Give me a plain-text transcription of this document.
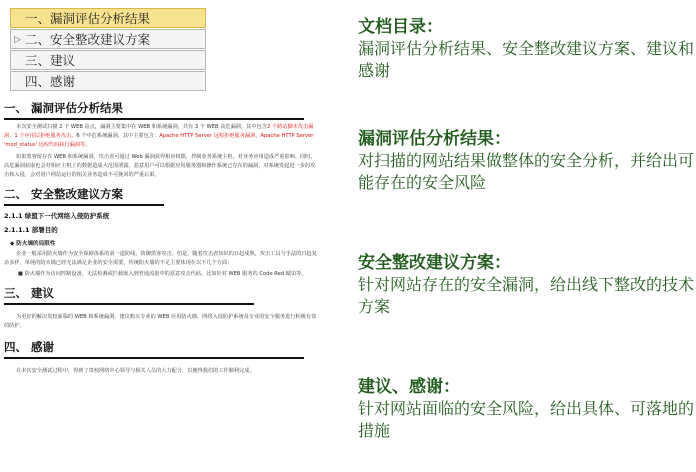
一、漏洞评估分析结果
▷ 二、安全整改建议方案
三、建议
四、感谢
一、 漏洞评估分析结果

本次安全测试扫描 2 个 WEB 站点，漏洞主要集中在 WEB 和系统漏洞，共有 3 个 WEB 高危漏洞，其中包含2 个跨站脚本攻击漏洞，1 个应用层拒绝服务攻击。6 个中危系统漏洞，其中主要包含：Apache HTTP Server 远程拒绝服务漏洞、Apache HTTP Server 'mod_status' 远程代码执行漏洞等。

如果黑客留存在 WEB 和系统漏洞，攻击者可通过 Web 漏洞获得相应权限，控制业务系统主机，对业务应用造成严重影响。同时，高危漏洞获取也会对相应主机上的数据造成大范围泄露，恶意用户可以根据应用服务器和操作系统已存在的漏洞，对系统发起进一步的攻击和入侵，会对用户网站运行的相关业务造成不可挽回的严重后果。

二、 安全整改建议方案
2.1.1 绿盟下一代网络入侵防护系统
2.1.1.1 部署目的
◆ 防火墙的局限性

企业一般采用防火墙作为安全保障体系的第一道防线，防御黑客攻击。但是，随着攻击者知识的日趋成熟，攻击工具与手法的日趋复杂多样，单纯的防火墙已经无法满足企业的安全需要。传统防火墙的不足主要体现在以下几个方面：

■ 防火墙作为访问控制设备，无法检测或拦截嵌入到普通流量中的恶意攻击代码，比如针对 WEB 服务的 Code Red 蠕虫等。
三、 建议

为更好的解决贵校面临的 WEB 和系统漏洞，建议购买专业的 WEB 应用防火墙、网络入侵防护系统及专业的安全服务进行积极有效的防护。

四、 感谢

在本次安全测试过程中，得到了贵校网络中心领导与相关人员的大力配合，以便得我们的工作顺利完成。

文档目录：
漏洞评估分析结果、安全整改建议方案、建议和感谢
漏洞评估分析结果：
对扫描的网站结果做整体的安全分析，并给出可能存在的安全风险
安全整改建议方案：
针对网站存在的安全漏洞，给出线下整改的技术方案
建议、感谢：
针对网站面临的安全风险，给出具体、可落地的措施
